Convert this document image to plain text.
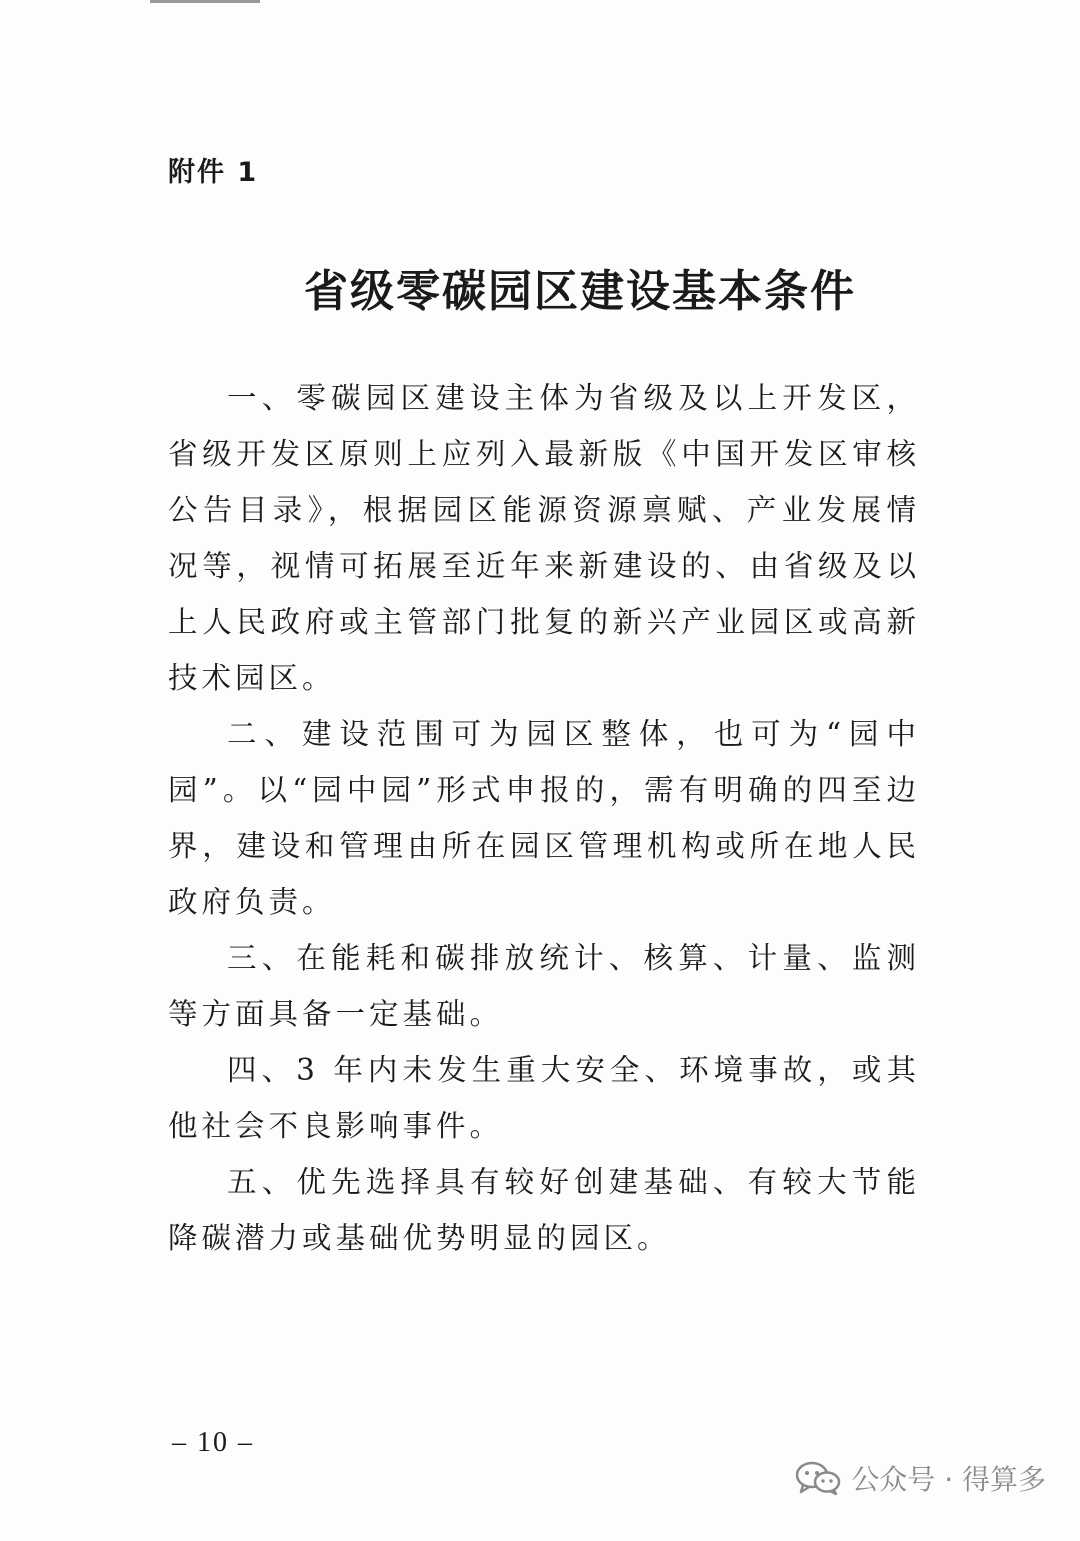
附件 1
省级零碳园区建设基本条件

一、零碳园区建设主体为省级及以上开发区，省级开发区原则上应列入最新版《中国开发区审核公告目录》，根据园区能源资源禀赋、产业发展情况等，视情可拓展至近年来新建设的、由省级及以上人民政府或主管部门批复的新兴产业园区或高新技术园区。

二、建设范围可为园区整体，也可为“园中园”。以“园中园”形式申报的，需有明确的四至边界，建设和管理由所在园区管理机构或所在地人民政府负责。

三、在能耗和碳排放统计、核算、计量、监测等方面具备一定基础。

四、3 年内未发生重大安全、环境事故，或其他社会不良影响事件。

五、优先选择具有较好创建基础、有较大节能降碳潜力或基础优势明显的园区。

– 10 –
公众号 · 得算多
